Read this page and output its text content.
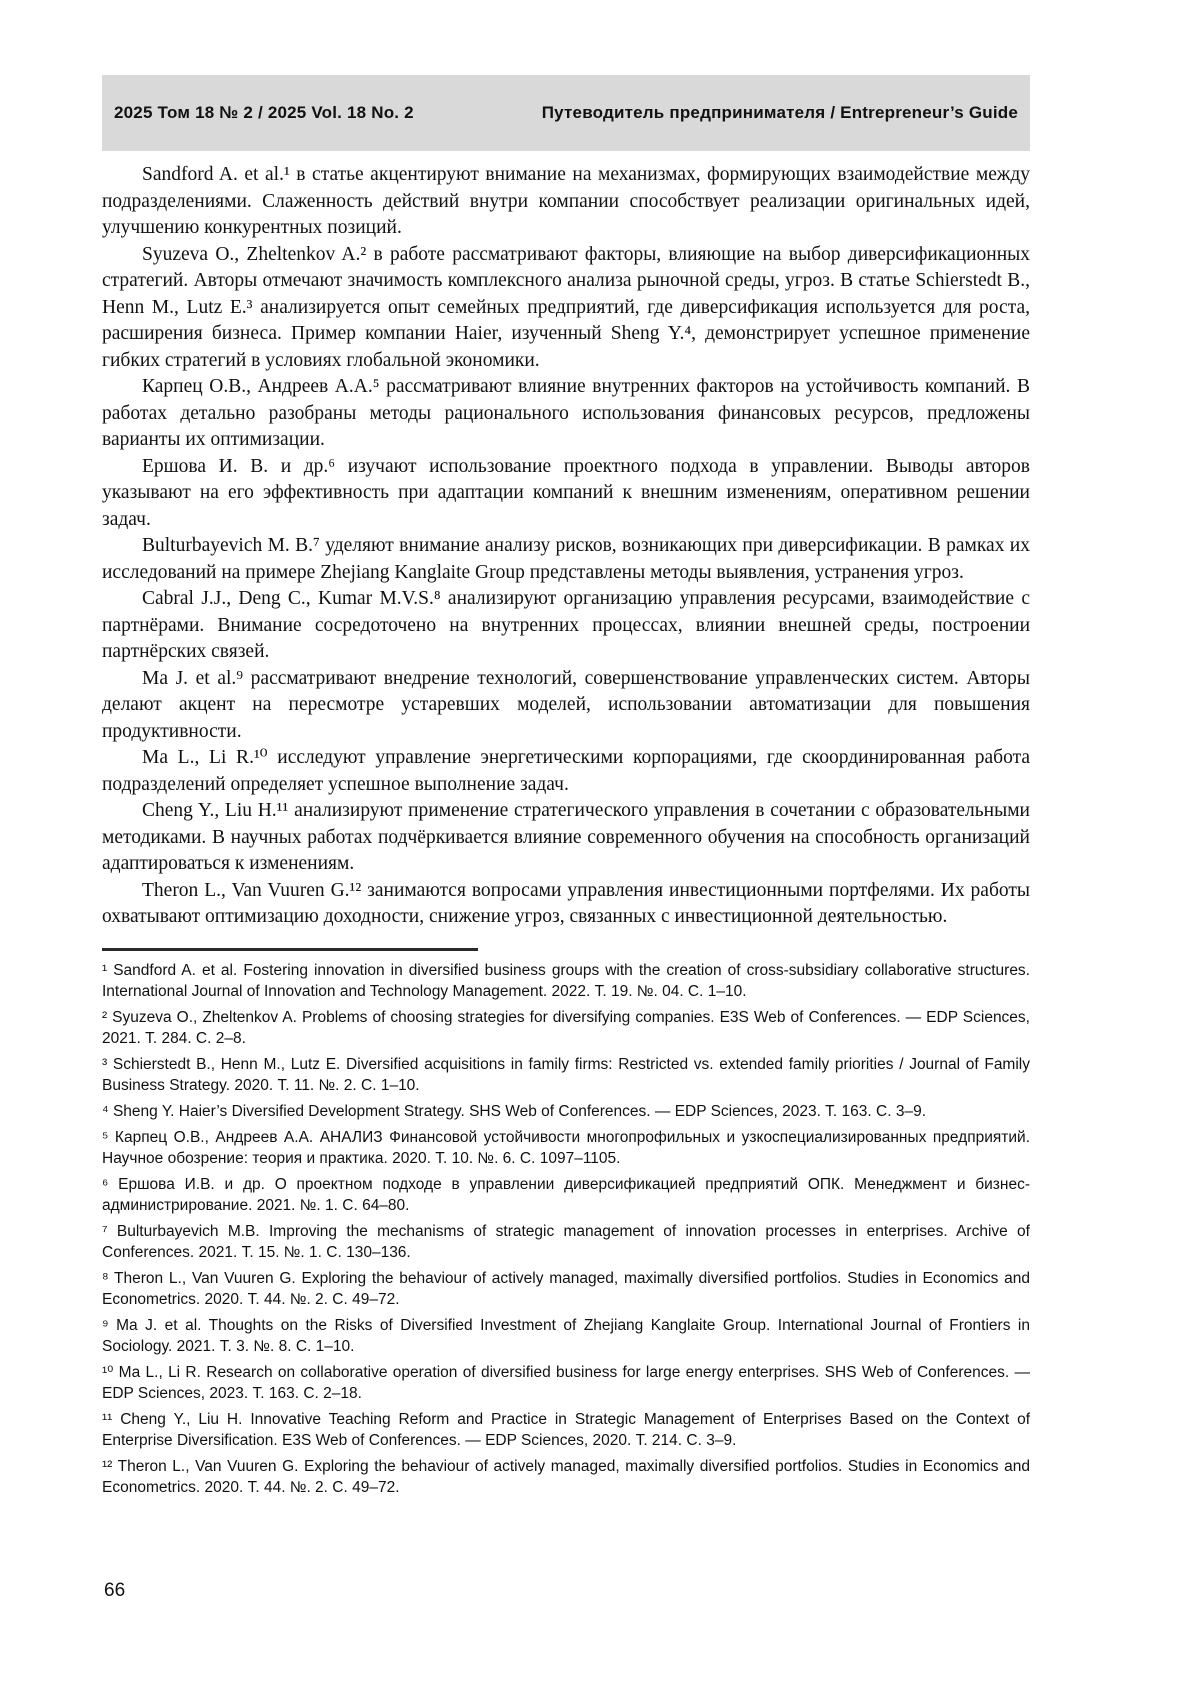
2025 Том 18 № 2 / 2025 Vol. 18 No. 2	Путеводитель предпринимателя / Entrepreneur’s Guide

Sandford A. et al.¹ в статье акцентируют внимание на механизмах, формирующих взаимодействие между подразделениями. Слаженность действий внутри компании способствует реализации оригинальных идей, улучшению конкурентных позиций.

Syuzeva O., Zheltenkov A.² в работе рассматривают факторы, влияющие на выбор диверсификационных стратегий. Авторы отмечают значимость комплексного анализа рыночной среды, угроз. В статье Schierstedt B., Henn M., Lutz E.³ анализируется опыт семейных предприятий, где диверсификация используется для роста, расширения бизнеса. Пример компании Haier, изученный Sheng Y.⁴, демонстрирует успешное применение гибких стратегий в условиях глобальной экономики.

Карпец О.В., Андреев А.А.⁵ рассматривают влияние внутренних факторов на устойчивость компаний. В работах детально разобраны методы рационального использования финансовых ресурсов, предложены варианты их оптимизации.

Ершова И. В. и др.⁶ изучают использование проектного подхода в управлении. Выводы авторов указывают на его эффективность при адаптации компаний к внешним изменениям, оперативном решении задач.

Bulturbayevich M. B.⁷ уделяют внимание анализу рисков, возникающих при диверсификации. В рамках их исследований на примере Zhejiang Kanglaite Group представлены методы выявления, устранения угроз.

Cabral J.J., Deng C., Kumar M.V.S.⁸ анализируют организацию управления ресурсами, взаимодействие с партнёрами. Внимание сосредоточено на внутренних процессах, влиянии внешней среды, построении партнёрских связей.

Ma J. et al.⁹ рассматривают внедрение технологий, совершенствование управленческих систем. Авторы делают акцент на пересмотре устаревших моделей, использовании автоматизации для повышения продуктивности.

Ma L., Li R.¹⁰ исследуют управление энергетическими корпорациями, где скоординированная работа подразделений определяет успешное выполнение задач.

Cheng Y., Liu H.¹¹ анализируют применение стратегического управления в сочетании с образовательными методиками. В научных работах подчёркивается влияние современного обучения на способность организаций адаптироваться к изменениям.

Theron L., Van Vuuren G.¹² занимаются вопросами управления инвестиционными портфелями. Их работы охватывают оптимизацию доходности, снижение угроз, связанных с инвестиционной деятельностью.

¹ Sandford A. et al. Fostering innovation in diversified business groups with the creation of cross-subsidiary collaborative structures. International Journal of Innovation and Technology Management. 2022. Т. 19. №. 04. С. 1–10.

² Syuzeva O., Zheltenkov A. Problems of choosing strategies for diversifying companies. E3S Web of Conferences. — EDP Sciences, 2021. Т. 284. С. 2–8.

³ Schierstedt B., Henn M., Lutz E. Diversified acquisitions in family firms: Restricted vs. extended family priorities / Journal of Family Business Strategy. 2020. Т. 11. №. 2. С. 1–10.

⁴ Sheng Y. Haier’s Diversified Development Strategy. SHS Web of Conferences. — EDP Sciences, 2023. Т. 163. С. 3–9.

⁵ Карпец О.В., Андреев А.А. АНАЛИЗ Финансовой устойчивости многопрофильных и узкоспециализированных предприятий. Научное обозрение: теория и практика. 2020. Т. 10. №. 6. С. 1097–1105.

⁶ Ершова И.В. и др. О проектном подходе в управлении диверсификацией предприятий ОПК. Менеджмент и бизнес-администрирование. 2021. №. 1. С. 64–80.

⁷ Bulturbayevich M.B. Improving the mechanisms of strategic management of innovation processes in enterprises. Archive of Conferences. 2021. Т. 15. №. 1. С. 130–136.

⁸ Theron L., Van Vuuren G. Exploring the behaviour of actively managed, maximally diversified portfolios. Studies in Economics and Econometrics. 2020. Т. 44. №. 2. С. 49–72.

⁹ Ma J. et al. Thoughts on the Risks of Diversified Investment of Zhejiang Kanglaite Group. International Journal of Frontiers in Sociology. 2021. Т. 3. №. 8. С. 1–10.

¹⁰ Ma L., Li R. Research on collaborative operation of diversified business for large energy enterprises. SHS Web of Conferences. — EDP Sciences, 2023. Т. 163. С. 2–18.

¹¹ Cheng Y., Liu H. Innovative Teaching Reform and Practice in Strategic Management of Enterprises Based on the Context of Enterprise Diversification. E3S Web of Conferences. — EDP Sciences, 2020. Т. 214. С. 3–9.

¹² Theron L., Van Vuuren G. Exploring the behaviour of actively managed, maximally diversified portfolios. Studies in Economics and Econometrics. 2020. Т. 44. №. 2. С. 49–72.

66
